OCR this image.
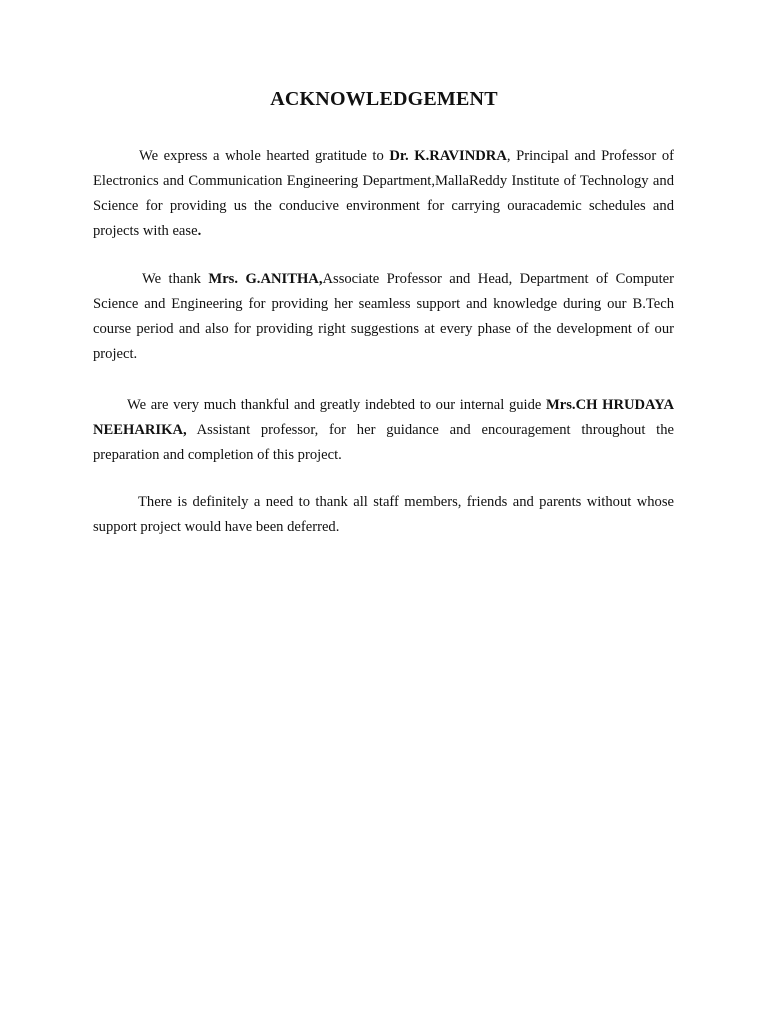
ACKNOWLEDGEMENT

We express a whole hearted gratitude to Dr. K.RAVINDRA, Principal and Professor of Electronics and Communication Engineering Department,MallaReddy Institute of Technology and Science for providing us the conducive environment for carrying ouracademic schedules and projects with ease.

We thank Mrs. G.ANITHA,Associate Professor and Head, Department of Computer Science and Engineering for providing her seamless support and knowledge during our B.Tech course period and also for providing right suggestions at every phase of the development of our project.

We are very much thankful and greatly indebted to our internal guide Mrs.CH HRUDAYA NEEHARIKA, Assistant professor, for her guidance and encouragement throughout the preparation and completion of this project.

There is definitely a need to thank all staff members, friends and parents without whose support project would have been deferred.
